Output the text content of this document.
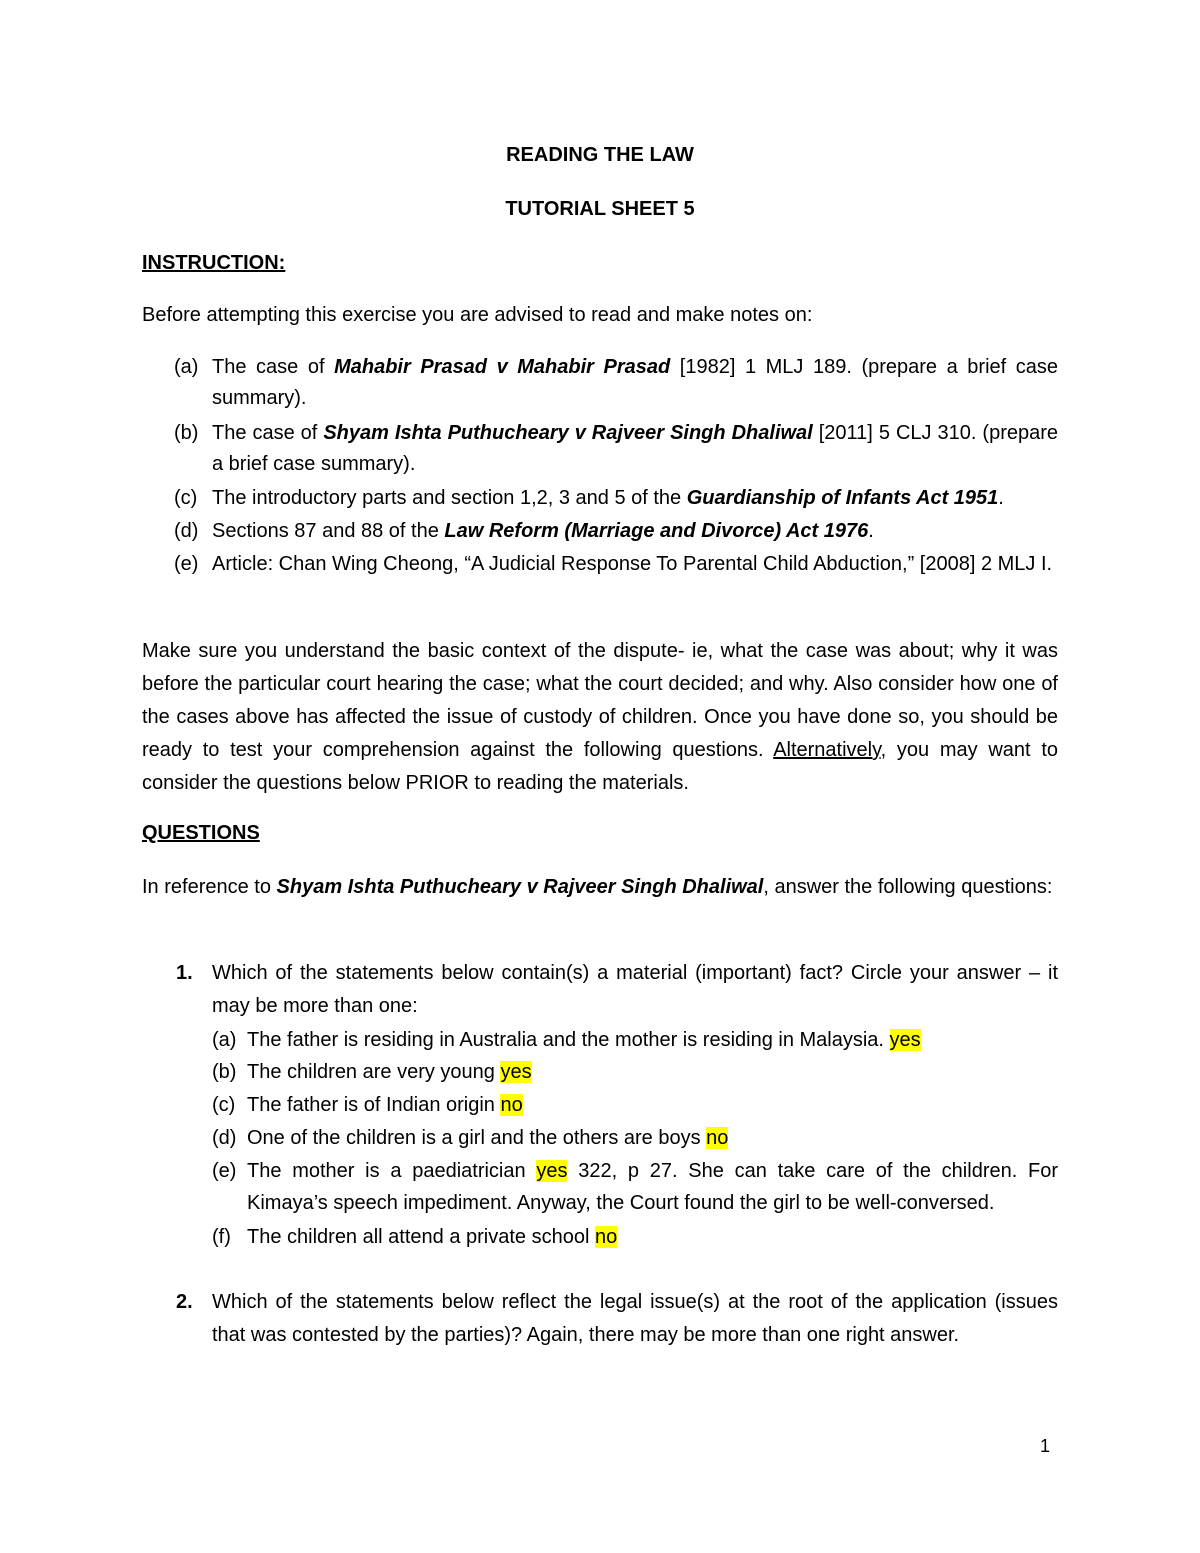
READING THE LAW
TUTORIAL SHEET 5
INSTRUCTION:
Before attempting this exercise you are advised to read and make notes on:
(a) The case of Mahabir Prasad v Mahabir Prasad [1982] 1 MLJ 189. (prepare a brief case summary).
(b) The case of Shyam Ishta Puthucheary v Rajveer Singh Dhaliwal [2011] 5 CLJ 310. (prepare a brief case summary).
(c) The introductory parts and section 1,2, 3 and 5 of the Guardianship of Infants Act 1951.
(d) Sections 87 and 88 of the Law Reform (Marriage and Divorce) Act 1976.
(e) Article: Chan Wing Cheong, “A Judicial Response To Parental Child Abduction,” [2008] 2 MLJ I.
Make sure you understand the basic context of the dispute- ie, what the case was about; why it was before the particular court hearing the case; what the court decided; and why. Also consider how one of the cases above has affected the issue of custody of children. Once you have done so, you should be ready to test your comprehension against the following questions. Alternatively, you may want to consider the questions below PRIOR to reading the materials.
QUESTIONS
In reference to Shyam Ishta Puthucheary v Rajveer Singh Dhaliwal, answer the following questions:
1. Which of the statements below contain(s) a material (important) fact? Circle your answer – it may be more than one:
(a) The father is residing in Australia and the mother is residing in Malaysia. yes
(b) The children are very young yes
(c) The father is of Indian origin no
(d) One of the children is a girl and the others are boys no
(e) The mother is a paediatrician yes 322, p 27. She can take care of the children. For Kimaya’s speech impediment. Anyway, the Court found the girl to be well-conversed.
(f) The children all attend a private school no
2. Which of the statements below reflect the legal issue(s) at the root of the application (issues that was contested by the parties)? Again, there may be more than one right answer.
1
